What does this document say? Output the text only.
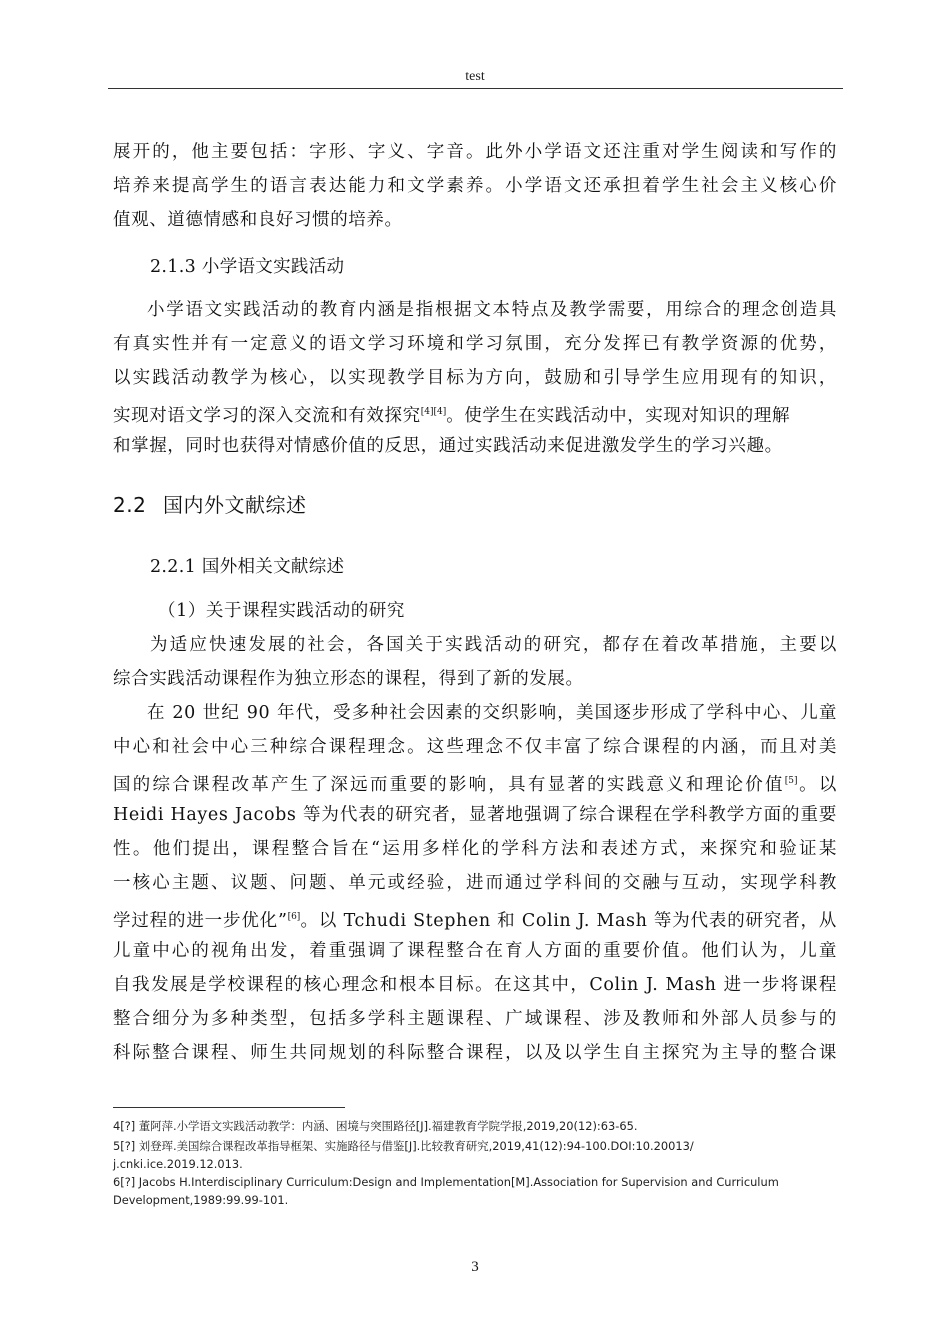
test
展开的，他主要包括：字形、字义、字音。此外小学语文还注重对学生阅读和写作的
培养来提高学生的语言表达能力和文学素养。小学语文还承担着学生社会主义核心价
值观、道德情感和良好习惯的培养。
2.1.3 小学语文实践活动
小学语文实践活动的教育内涵是指根据文本特点及教学需要，用综合的理念创造具
有真实性并有一定意义的语文学习环境和学习氛围，充分发挥已有教学资源的优势，
以实践活动教学为核心，以实现教学目标为方向，鼓励和引导学生应用现有的知识，
实现对语文学习的深入交流和有效探究[4][4]。使学生在实践活动中，实现对知识的理解
和掌握，同时也获得对情感价值的反思，通过实践活动来促进激发学生的学习兴趣。
2.2 国内外文献综述
2.2.1 国外相关文献综述
（1）关于课程实践活动的研究
为适应快速发展的社会，各国关于实践活动的研究，都存在着改革措施，主要以
综合实践活动课程作为独立形态的课程，得到了新的发展。
在 20 世纪 90 年代，受多种社会因素的交织影响，美国逐步形成了学科中心、儿童
中心和社会中心三种综合课程理念。这些理念不仅丰富了综合课程的内涵，而且对美
国的综合课程改革产生了深远而重要的影响，具有显著的实践意义和理论价值[5]。以
Heidi Hayes Jacobs 等为代表的研究者，显著地强调了综合课程在学科教学方面的重要
性。他们提出，课程整合旨在“运用多样化的学科方法和表述方式，来探究和验证某
一核心主题、议题、问题、单元或经验，进而通过学科间的交融与互动，实现学科教
学过程的进一步优化”[6]。以 Tchudi Stephen 和 Colin J. Mash 等为代表的研究者，从
儿童中心的视角出发，着重强调了课程整合在育人方面的重要价值。他们认为，儿童
自我发展是学校课程的核心理念和根本目标。在这其中，Colin J. Mash 进一步将课程
整合细分为多种类型，包括多学科主题课程、广域课程、涉及教师和外部人员参与的
科际整合课程、师生共同规划的科际整合课程，以及以学生自主探究为主导的整合课
4[?] 董阿萍.小学语文实践活动教学：内涵、困境与突围路径[J].福建教育学院学报,2019,20(12):63-65.
5[?] 刘登珲.美国综合课程改革指导框架、实施路径与借鉴[J].比较教育研究,2019,41(12):94-100.DOI:10.20013/
j.cnki.ice.2019.12.013.
6[?] Jacobs H.Interdisciplinary Curriculum:Design and Implementation[M].Association for Supervision and Curriculum
Development,1989:99.99-101.
3
